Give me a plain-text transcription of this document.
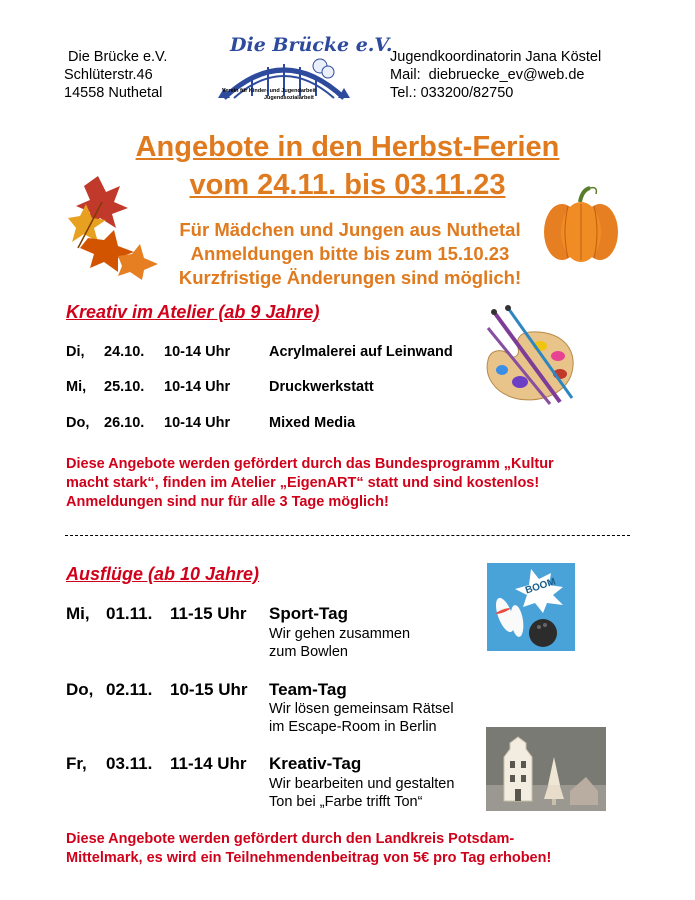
Die Brücke e.V.
Schlüterstr.46
14558 Nuthetal
Die Brücke e.V.
Verein für Kinder- und Jugendarbeit
Jugendsozialarbeit
Jugendkoordinatorin Jana Köstel
Mail:  diebruecke_ev@web.de
Tel.: 033200/82750
Angebote in den Herbst-Ferien
vom 24.11. bis 03.11.23
Für Mädchen und Jungen aus Nuthetal
Anmeldungen bitte bis zum 15.10.23
Kurzfristige Änderungen sind möglich!
Kreativ im Atelier (ab 9 Jahre)
Di, 24.10. 10-14 Uhr	Acrylmalerei auf Leinwand
Mi, 25.10. 10-14 Uhr	Druckwerkstatt
Do, 26.10. 10-14 Uhr	Mixed Media
Diese Angebote werden gefördert durch das Bundesprogramm „Kultur
macht stark“, finden im Atelier „EigenART“ statt und sind kostenlos!
Anmeldungen sind nur für alle 3 Tage möglich!
Ausflüge (ab 10 Jahre)
BOOM
Mi, 01.11. 11-15 Uhr Sport-Tag
Wir gehen zusammen
zum Bowlen
Do, 02.11. 10-15 Uhr Team-Tag
Wir lösen gemeinsam Rätsel
im Escape-Room in Berlin
Fr, 03.11. 11-14 Uhr Kreativ-Tag
Wir bearbeiten und gestalten
Ton bei „Farbe trifft Ton“
Diese Angebote werden gefördert durch den Landkreis Potsdam-
Mittelmark, es wird ein Teilnehmendenbeitrag von 5€ pro Tag erhoben!
